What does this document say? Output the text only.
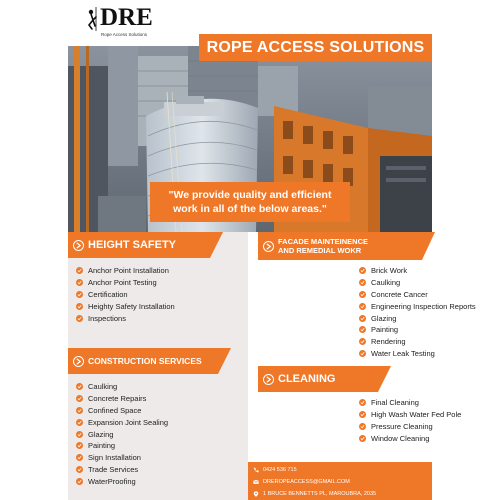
DRE
Rope Access Solutions
ROPE ACCESS SOLUTIONS
"We provide quality and efficient
work in all of the below areas."
HEIGHT SAFETY
Anchor Point Installation
Anchor Point Testing
Certification
Heighty Safety Installation
Inspections
CONSTRUCTION SERVICES
Caulking
Concrete Repairs
Confined Space
Expansion Joint Sealing
Glazing
Painting
Sign Installation
Trade Services
WaterProofing
FACADE MAINTEINENCE
AND REMEDIAL WOKR
Brick Work
Caulking
Concrete Cancer
Engineering Inspection Reports
Glazing
Painting
Rendering
Water Leak Testing
CLEANING
Final Cleaning
High Wash Water Fed Pole
Pressure Cleaning
Window Cleaning
0424 536 715
DREROPEACCESS@GMAIL.COM
1 BRUCE BENNETTS PL, MAROUBRA, 2035
